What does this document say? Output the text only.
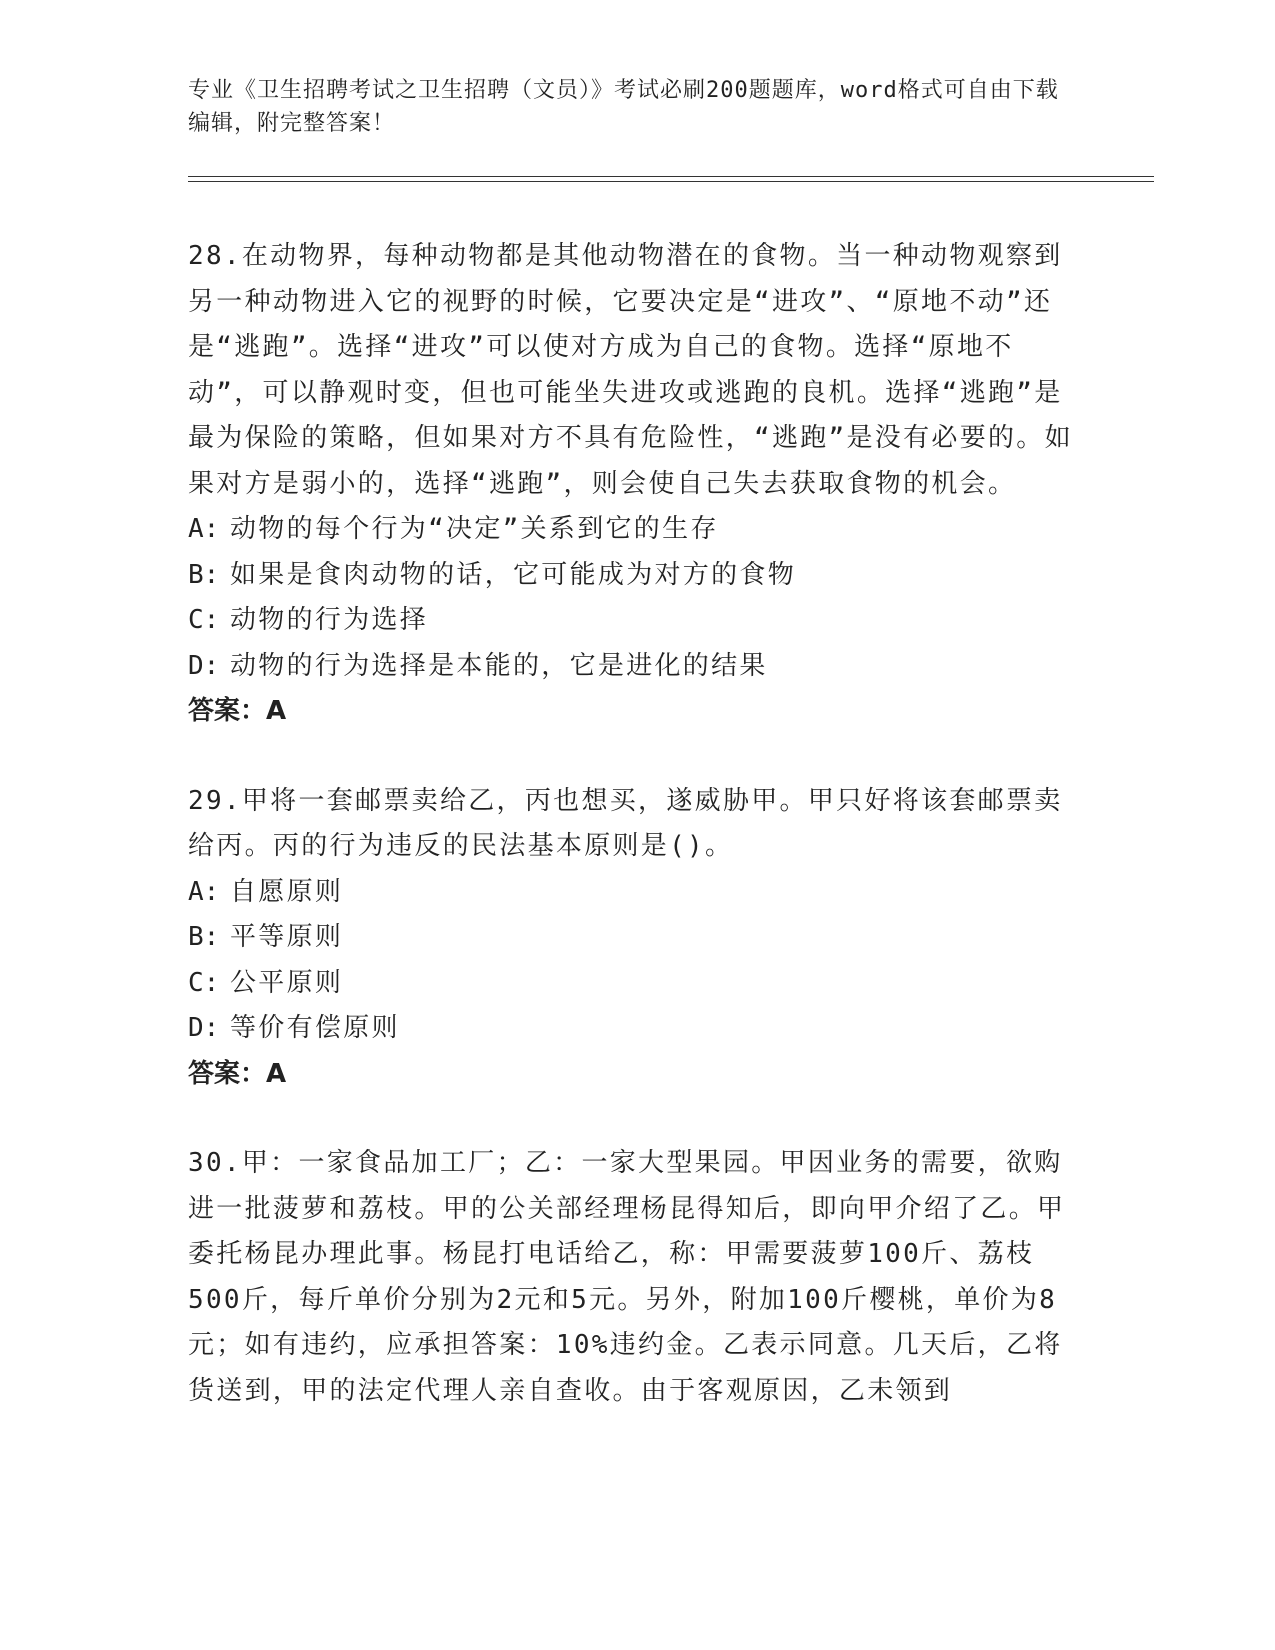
专业《卫生招聘考试之卫生招聘（文员）》考试必刷200题题库，word格式可自由下载编辑，附完整答案！

28.在动物界，每种动物都是其他动物潜在的食物。当一种动物观察到另一种动物进入它的视野的时候，它要决定是“进攻”、“原地不动”还是“逃跑”。选择“进攻”可以使对方成为自己的食物。选择“原地不动”，可以静观时变，但也可能坐失进攻或逃跑的良机。选择“逃跑”是最为保险的策略，但如果对方不具有危险性，“逃跑”是没有必要的。如果对方是弱小的，选择“逃跑”，则会使自己失去获取食物的机会。

A: 动物的每个行为“决定”关系到它的生存

B: 如果是食肉动物的话，它可能成为对方的食物

C: 动物的行为选择

D: 动物的行为选择是本能的，它是进化的结果

答案：A

29.甲将一套邮票卖给乙，丙也想买，遂威胁甲。甲只好将该套邮票卖给丙。丙的行为违反的民法基本原则是()。

A: 自愿原则

B: 平等原则

C: 公平原则

D: 等价有偿原则

答案：A

30.甲：一家食品加工厂；乙：一家大型果园。甲因业务的需要，欲购进一批菠萝和荔枝。甲的公关部经理杨昆得知后，即向甲介绍了乙。甲委托杨昆办理此事。杨昆打电话给乙，称：甲需要菠萝100斤、荔枝500斤，每斤单价分别为2元和5元。另外，附加100斤樱桃，单价为8元；如有违约，应承担答案：10%违约金。乙表示同意。几天后，乙将货送到，甲的法定代理人亲自查收。由于客观原因，乙未领到
